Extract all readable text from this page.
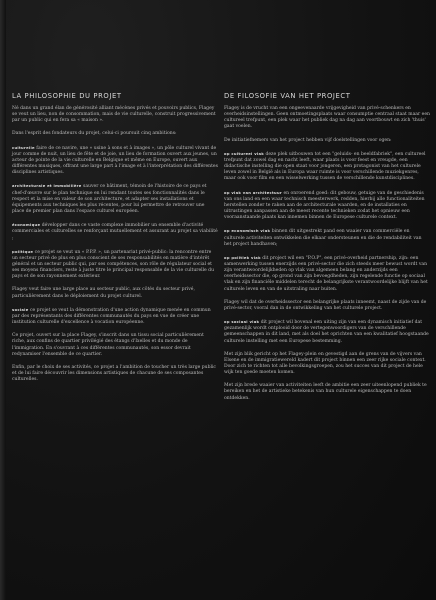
LA PHILOSOPHIE DU PROJET

Né dans un grand élan de générosité alliant mécènes privés et pouvoirs publics, Flagey se veut un lieu, non de consommation, mais de vie culturelle, construit progressivement par un public qui en fera sa « maison ».

Dans l'esprit des fondateurs du projet, celui-ci poursuit cinq ambitions:

culturelle faire de ce navire, une « usine à sons et à images », un pôle culturel vivant de jour comme de nuit, un lieu de fête et de joie, un lieu de formation ouvert aux jeunes, un acteur de pointe de la vie culturelle en Belgique et même en Europe, ouvert aux différentes musiques, offrant une large part à l'image et à l'interprétation des différentes disciplines artistiques.

architecturale et immobilière sauver ce bâtiment, témoin de l'histoire de ce pays et chef-d'œuvre sur le plan technique en lui rendant toutes ses fonctionnalités dans le respect et la mise en valeur de son architecture, et adapter ses installations et équipements aux techniques les plus récentes, pour lui permettre de retrouver une place de premier plan dans l'espace culturel européen.

économique développer dans ce vaste complexe immobilier un ensemble d'activité commerciales et culturelles se renforçant mutuellement et assurant au projet sa viabilité ;

politique ce projet se veut un « P.P.P. », un partenariat privé-public: la rencontre entre un secteur privé de plus en plus conscient de ses responsabilités en matière d'intérêt général et un secteur public qui, par ses compétences, son rôle de régulateur social et ses moyens financiers, reste à juste titre le principal responsable de la vie culturelle du pays et de son rayonnement extérieur.

Flagey veut faire une large place au secteur public, aux côtés du secteur privé, particulièrement dans le déploiement du projet culturel.

sociale ce projet se veut la démonstration d'une action dynamique menée en commun par des représentants des différentes communautés du pays en vue de créer une institution culturelle d'excellence à vocation européenne.

Ce projet, ouvert sur la place Flagey, s'inscrit dans un tissu social particulièrement riche, aux confins de quartier privilégié des étangs d'Ixelles et du monde de l'immigration. En s'ouvrant à ces différentes communautés, son essor devrait redynamiser l'ensemble de ce quartier.

Enfin, par le choix de ses activités, ce projet a l'ambition de toucher un très large public et de lui faire découvrir les dimensions artistiques de chacune de ses composantes culturelles.

DE FILOSOFIE VAN HET PROJECT

Flagey is de vrucht van een ongeevenaarde vrijgevigheid van privé-schenkers en overheidsinstellingen. Geen ontmoetingsplaats waar consumptie centraal staat maar een cultureel trefpunt, een plek waar het publiek dag na dag aan voortbouwt en zich 'thuis' gaat voelen.

De initiatiefnemers van het project hebben vijf doelstellingen voor ogen:

op cultureel vlak deze plek uitbouwen tot een "geluids- en beeldfabriek", een cultureel trefpunt dat zowel dag en nacht leeft, waar plaats is voor feest en vreugde, een didactische instelling die open staat voor jongeren, een protagonist van het culturele leven zowel in België als in Europa waar ruimte is voor verschillende muziekgenres, maar ook voor film en een wisselwerking tussen de verschillende kunstdisciplines.

op vlak van architectuur en onroerend goed: dit gebouw, getuige van de geschiedenis van ons land en een waar technisch meesterwerk, redden, hierbij alle functionaliteiten herstellen zonder te raken aan de architecturale waarden, en de installaties en uitrustingen aanpassen aan de meest recente technieken zodat het opnieuw een vooraanstaande plaats kan innemen binnen de Europese culturele context.

op economisch vlak binnen dit uitgestrekt pand een waaier van commerciële en culturele activiteiten ontwikkelen die elkaar ondersteunen en die de rendabiliteit van het project handhaven;

op politiek vlak dit project wil een "P.O.P", een privé-overheid partnership, zijn: een samenwerking tussen enerzijds een privé-sector die zich steeds meer bewust wordt van zijn verantwoordelijkheden op vlak van algemeen belang en anderzijds een overheidssector die, op grond van zijn bevoegdheden, zijn regelende functie op sociaal vlak en zijn financiële middelen terecht de belangrijkste verantwoordelijke blijft van het culturele leven en van de uitstraling naar buiten.

Flagey wil dat de overheidssector een belangrijke plaats inneemt, naast de zijde van de privé-sector, vooral dan in de ontwikkeling van het culturele project.

op sociaal vlak dit project wil bovenal een uiting zijn van een dynamisch initiatief dat gezamenlijk wordt ontplooid door de vertegenwoordigers van de verschillende gemeenschappen in dit land, met als doel het oprichten van een kwalitatief hoogstaande culturele instelling met een Europese bestemming.

Met zijn blik gericht op het Flagey-plein en gevestigd aan de grens van de vijvers van Elsene en de immigratiewereld kadert dit project binnen een zeer rijke sociale context. Door zich te richten tot alle bevolkingsgroepen, zou het succes van dit project de hele wijk ten goede moeten komen.

Met zijn brede waaier van activiteiten leeft de ambitie een zeer uiteenlopend publiek te bereiken en het de artistieke betekenis van hun culturele eigenschappen te doen ontdekken.
